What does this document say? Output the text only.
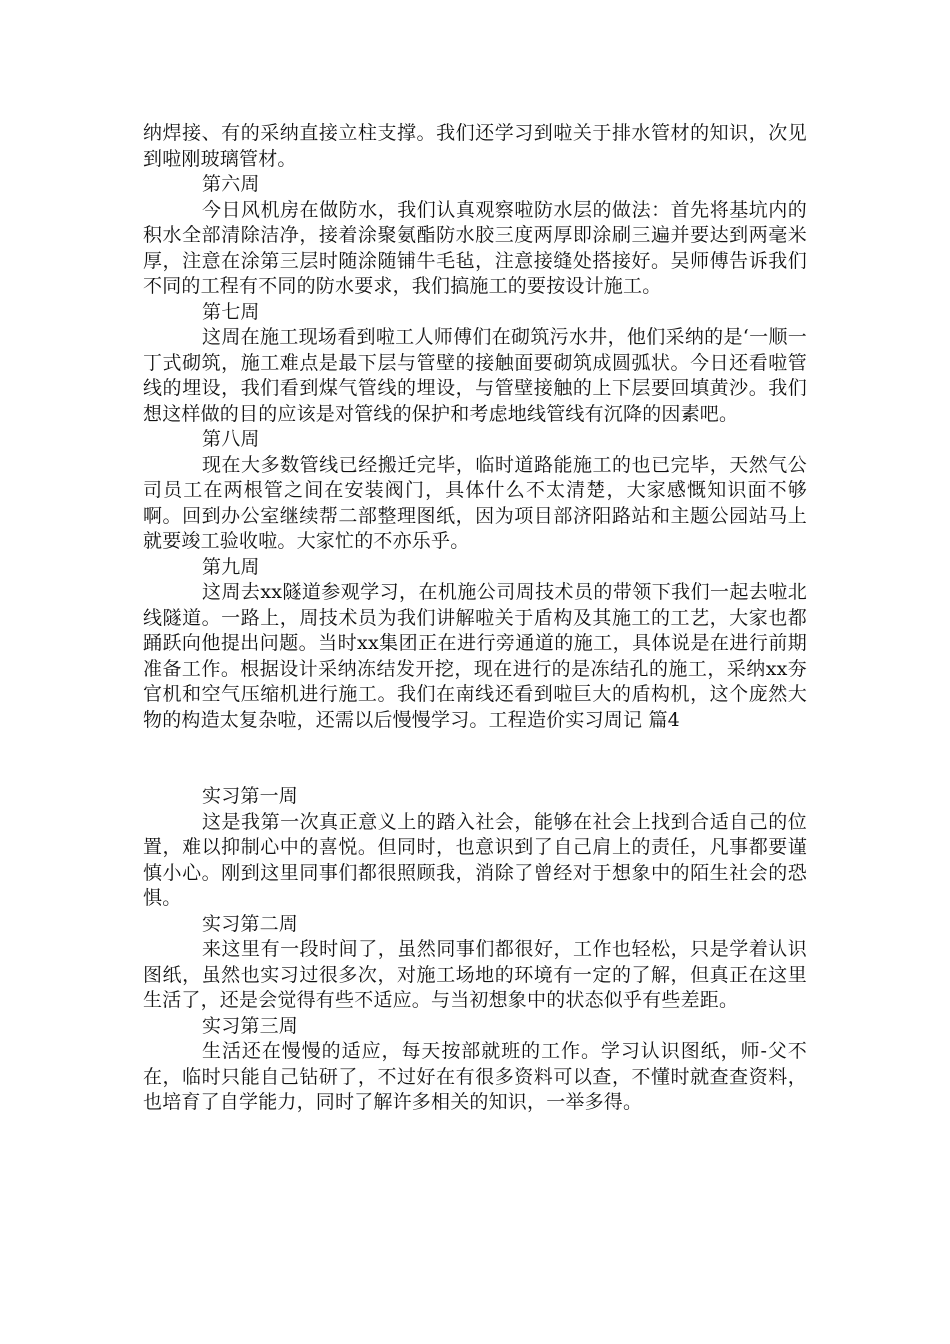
纳焊接、有的采纳直接立柱支撑。我们还学习到啦关于排水管材的知识，次见到啦刚玻璃管材。

第六周

今日风机房在做防水，我们认真观察啦防水层的做法：首先将基坑内的积水全部清除洁净，接着涂聚氨酯防水胶三度两厚即涂刷三遍并要达到两毫米厚，注意在涂第三层时随涂随铺牛毛毡，注意接缝处搭接好。吴师傅告诉我们不同的工程有不同的防水要求，我们搞施工的要按设计施工。

第七周

这周在施工现场看到啦工人师傅们在砌筑污水井，他们采纳的是‘一顺一丁式砌筑，施工难点是最下层与管壁的接触面要砌筑成圆弧状。今日还看啦管线的埋设，我们看到煤气管线的埋设，与管壁接触的上下层要回填黄沙。我们想这样做的目的应该是对管线的保护和考虑地线管线有沉降的因素吧。

第八周

现在大多数管线已经搬迁完毕，临时道路能施工的也已完毕，天然气公司员工在两根管之间在安装阀门，具体什么不太清楚，大家感慨知识面不够啊。回到办公室继续帮二部整理图纸，因为项目部济阳路站和主题公园站马上就要竣工验收啦。大家忙的不亦乐乎。

第九周

这周去xx隧道参观学习，在机施公司周技术员的带领下我们一起去啦北线隧道。一路上，周技术员为我们讲解啦关于盾构及其施工的工艺，大家也都踊跃向他提出问题。当时xx集团正在进行旁通道的施工，具体说是在进行前期准备工作。根据设计采纳冻结发开挖，现在进行的是冻结孔的施工，采纳xx夯官机和空气压缩机进行施工。我们在南线还看到啦巨大的盾构机，这个庞然大物的构造太复杂啦，还需以后慢慢学习。工程造价实习周记 篇4

实习第一周

这是我第一次真正意义上的踏入社会，能够在社会上找到合适自己的位置，难以抑制心中的喜悦。但同时，也意识到了自己肩上的责任，凡事都要谨慎小心。刚到这里同事们都很照顾我，消除了曾经对于想象中的陌生社会的恐惧。

实习第二周

来这里有一段时间了，虽然同事们都很好，工作也轻松，只是学着认识图纸，虽然也实习过很多次，对施工场地的环境有一定的了解，但真正在这里生活了，还是会觉得有些不适应。与当初想象中的状态似乎有些差距。

实习第三周

生活还在慢慢的适应，每天按部就班的工作。学习认识图纸，师-父不在，临时只能自己钻研了，不过好在有很多资料可以查，不懂时就查查资料，也培育了自学能力，同时了解许多相关的知识，一举多得。
